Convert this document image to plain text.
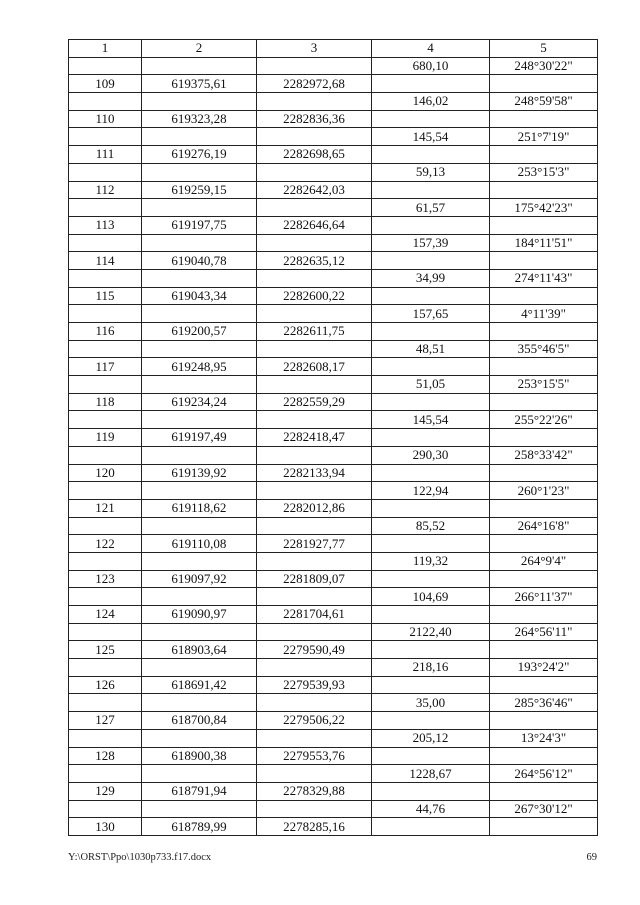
1	2	3	4	5
			680,10	248°30'22"
109	619375,61	2282972,68		
			146,02	248°59'58"
110	619323,28	2282836,36		
			145,54	251°7'19"
111	619276,19	2282698,65		
			59,13	253°15'3"
112	619259,15	2282642,03		
			61,57	175°42'23"
113	619197,75	2282646,64		
			157,39	184°11'51"
114	619040,78	2282635,12		
			34,99	274°11'43"
115	619043,34	2282600,22		
			157,65	4°11'39"
116	619200,57	2282611,75		
			48,51	355°46'5"
117	619248,95	2282608,17		
			51,05	253°15'5"
118	619234,24	2282559,29		
			145,54	255°22'26"
119	619197,49	2282418,47		
			290,30	258°33'42"
120	619139,92	2282133,94		
			122,94	260°1'23"
121	619118,62	2282012,86		
			85,52	264°16'8"
122	619110,08	2281927,77		
			119,32	264°9'4"
123	619097,92	2281809,07		
			104,69	266°11'37"
124	619090,97	2281704,61		
			2122,40	264°56'11"
125	618903,64	2279590,49		
			218,16	193°24'2"
126	618691,42	2279539,93		
			35,00	285°36'46"
127	618700,84	2279506,22		
			205,12	13°24'3"
128	618900,38	2279553,76		
			1228,67	264°56'12"
129	618791,94	2278329,88		
			44,76	267°30'12"
130	618789,99	2278285,16		
Y:\ORST\Ppo\1030p733.f17.docx	69
